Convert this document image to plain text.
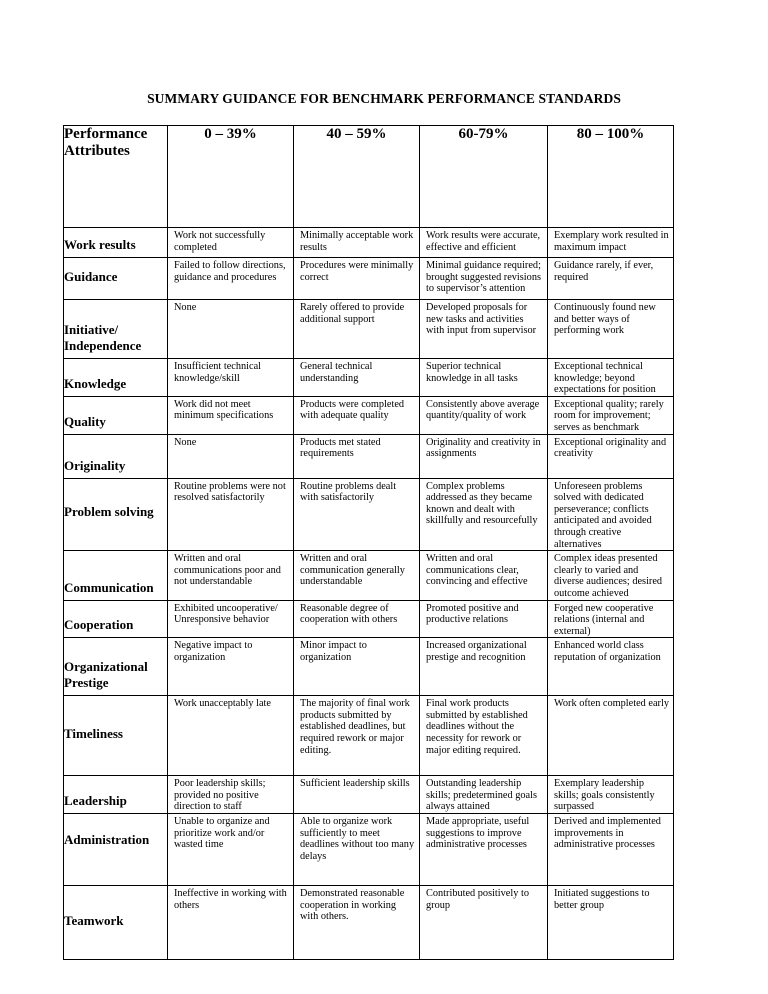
SUMMARY GUIDANCE FOR BENCHMARK PERFORMANCE STANDARDS
Performance Attributes	0 – 39%	40 – 59%	60-79%	80 – 100%
Work results	Work not successfully completed	Minimally acceptable work results	Work results were accurate, effective and efficient	Exemplary work resulted in maximum impact
Guidance	Failed to follow directions, guidance and procedures	Procedures were minimally correct	Minimal guidance required; brought suggested revisions to supervisor’s attention	Guidance rarely, if ever, required
Initiative/ Independence	None	Rarely offered to provide additional support	Developed proposals for new tasks and activities with input from supervisor	Continuously found new and better ways of performing work
Knowledge	Insufficient technical knowledge/skill	General technical understanding	Superior technical knowledge in all tasks	Exceptional technical knowledge; beyond expectations for position
Quality	Work did not meet minimum specifications	Products were completed with adequate quality	Consistently above average quantity/quality of work	Exceptional quality; rarely room for improvement; serves as benchmark
Originality	None	Products met stated requirements	Originality and creativity in assignments	Exceptional originality and creativity
Problem solving	Routine problems were not resolved satisfactorily	Routine problems dealt with satisfactorily	Complex problems addressed as they became known and dealt with skillfully and resourcefully	Unforeseen problems solved with dedicated perseverance; conflicts anticipated and avoided through creative alternatives
Communication	Written and oral communications poor and not understandable	Written and oral communication generally understandable	Written and oral communications clear, convincing and effective	Complex ideas presented clearly to varied and diverse audiences; desired outcome achieved
Cooperation	Exhibited uncooperative/ Unresponsive behavior	Reasonable degree of cooperation with others	Promoted positive and productive relations	Forged new cooperative relations (internal and external)
Organizational Prestige	Negative impact to organization	Minor impact to organization	Increased organizational prestige and recognition	Enhanced world class reputation of organization
Timeliness	Work unacceptably late	The majority of final work products submitted by established deadlines, but required rework or major editing.	Final work products submitted by established deadlines without the necessity for rework or major editing required.	Work often completed early
Leadership	Poor leadership skills; provided no positive direction to staff	Sufficient leadership skills	Outstanding leadership skills; predetermined goals always attained	Exemplary leadership skills; goals consistently surpassed
Administration	Unable to organize and prioritize work and/or wasted time	Able to organize work sufficiently to meet deadlines without too many delays	Made appropriate, useful suggestions to improve administrative processes	Derived and implemented improvements in administrative processes
Teamwork	Ineffective in working with others	Demonstrated reasonable cooperation in working with others.	Contributed positively to group	Initiated suggestions to better group
